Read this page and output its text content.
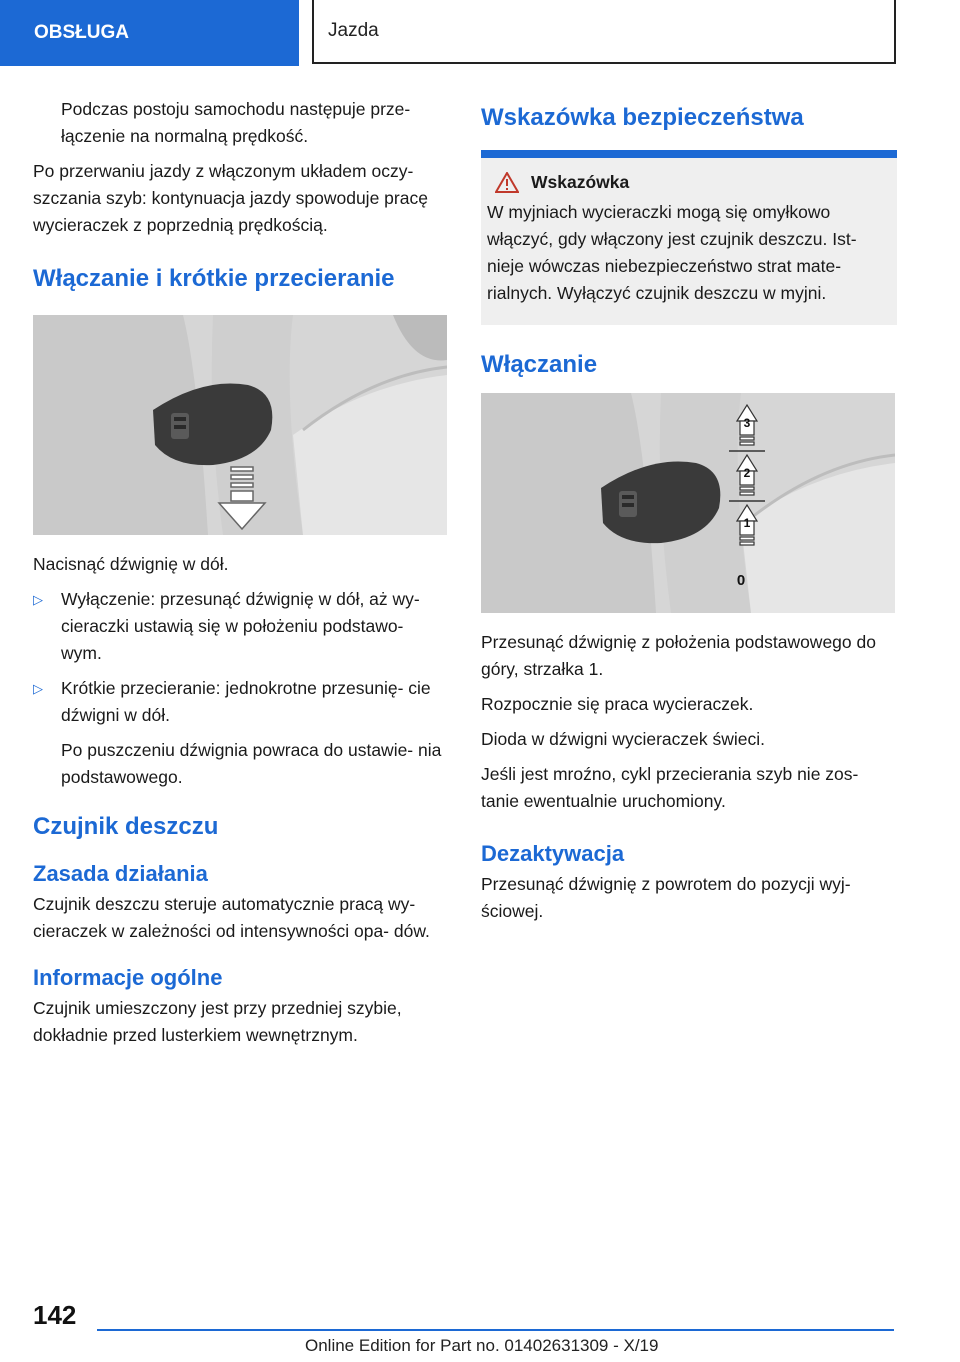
OBSŁUGA	Jazda

Podczas postoju samochodu następuje prze- łączenie na normalną prędkość.

Po przerwaniu jazdy z włączonym układem oczy- szczania szyb: kontynuacja jazdy spowoduje pracę wycieraczek z poprzednią prędkością.

Włączanie i krótkie przecieranie

Nacisnąć dźwignię w dół.

▷	Wyłączenie: przesunąć dźwignię w dół, aż wy- cieraczki ustawią się w położeniu podstawo- wym.
▷	Krótkie przecieranie: jednokrotne przesunię- cie dźwigni w dół.

Po puszczeniu dźwignia powraca do ustawie- nia podstawowego.

Czujnik deszczu
Zasada działania

Czujnik deszczu steruje automatycznie pracą wy- cieraczek w zależności od intensywności opa- dów.

Informacje ogólne

Czujnik umieszczony jest przy przedniej szybie, dokładnie przed lusterkiem wewnętrznym.

Wskazówka bezpieczeństwa
Wskazówka

W myjniach wycieraczki mogą się omyłkowo włączyć, gdy włączony jest czujnik deszczu. Ist- nieje wówczas niebezpieczeństwo strat mate- rialnych. Wyłączyć czujnik deszczu w myjni.

Włączanie
3
2
1
0

Przesunąć dźwignię z położenia podstawowego do góry, strzałka 1.

Rozpocznie się praca wycieraczek.

Dioda w dźwigni wycieraczek świeci.

Jeśli jest mroźno, cykl przecierania szyb nie zos- tanie ewentualnie uruchomiony.

Dezaktywacja

Przesunąć dźwignię z powrotem do pozycji wyj- ściowej.

142
Online Edition for Part no. 01402631309 - X/19
